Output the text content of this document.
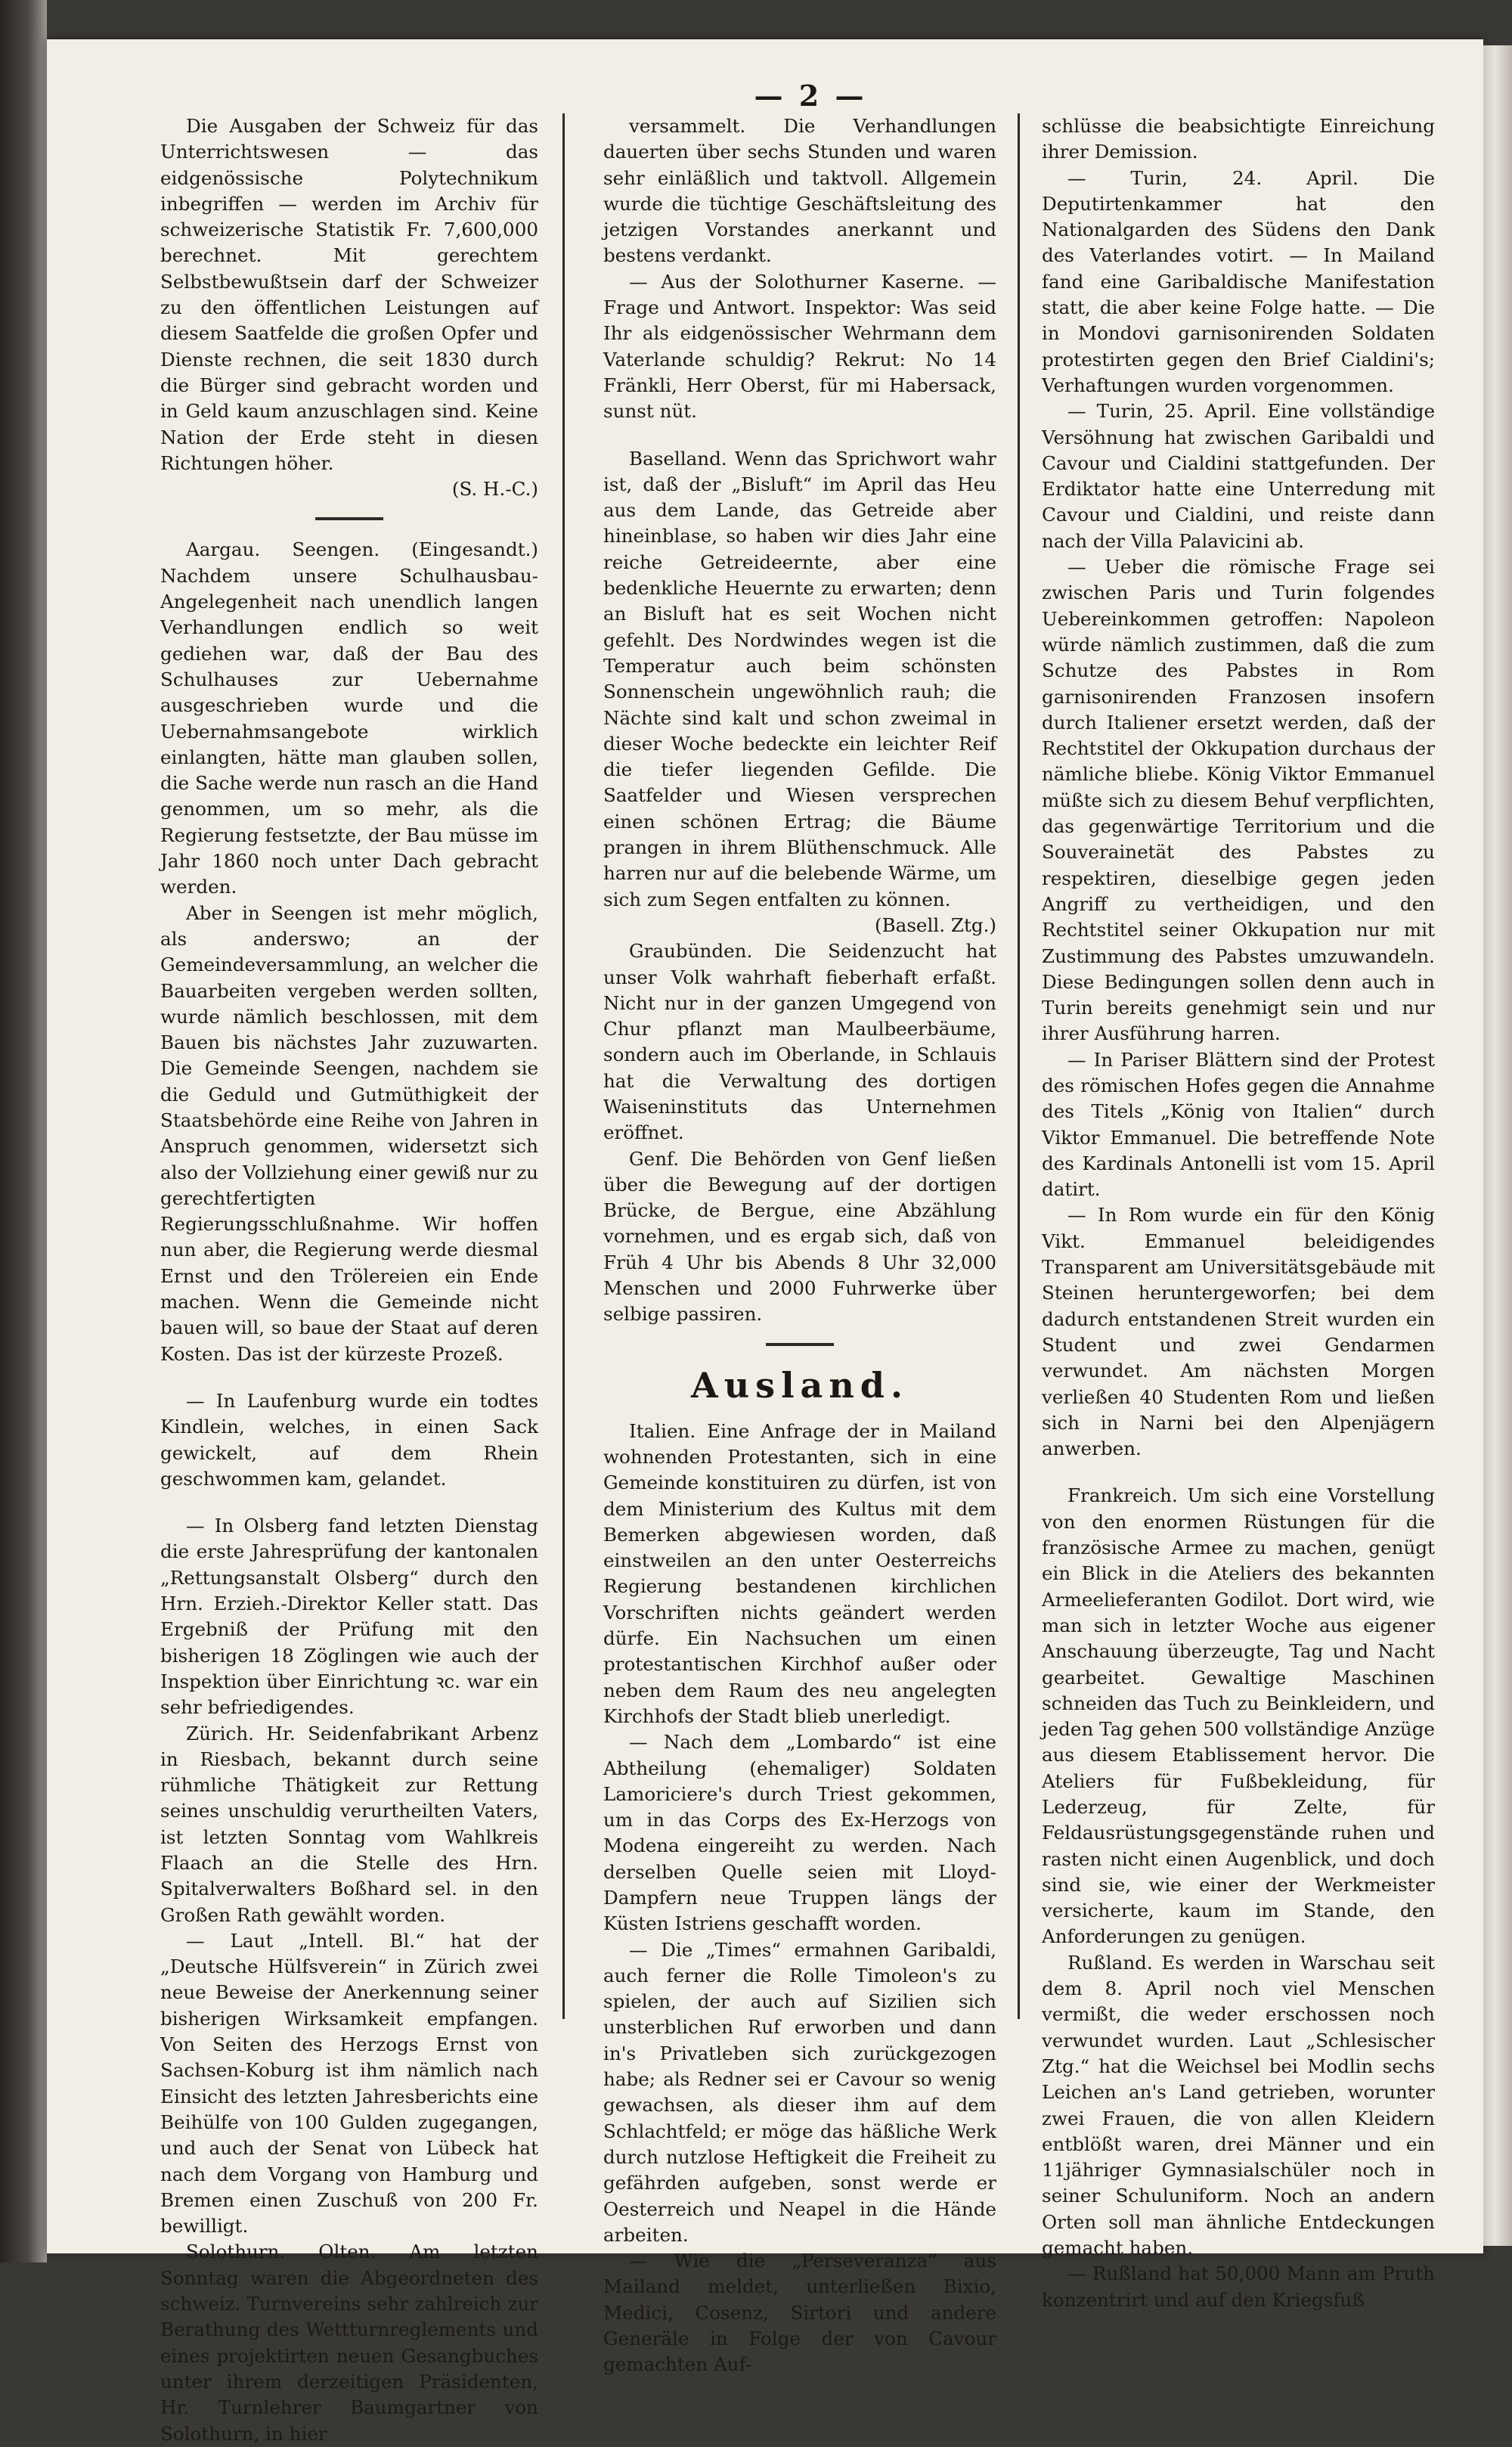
— 2 —

Die Ausgaben der Schweiz für das Unterrichtswesen — das eidgenössische Polytechnikum inbegriffen — werden im Archiv für schweizerische Statistik Fr. 7,600,000 berechnet. Mit gerechtem Selbstbewußtsein darf der Schweizer zu den öffentlichen Leistungen auf diesem Saatfelde die großen Opfer und Dienste rechnen, die seit 1830 durch die Bürger sind gebracht worden und in Geld kaum anzuschlagen sind. Keine Nation der Erde steht in diesen Richtungen höher.

(S. H.-C.)

Aargau. Seengen. (Eingesandt.) Nachdem unsere Schulhausbau-Angelegenheit nach unendlich langen Verhandlungen endlich so weit gediehen war, daß der Bau des Schulhauses zur Uebernahme ausgeschrieben wurde und die Uebernahmsangebote wirklich einlangten, hätte man glauben sollen, die Sache werde nun rasch an die Hand genommen, um so mehr, als die Regierung festsetzte, der Bau müsse im Jahr 1860 noch unter Dach gebracht werden.

Aber in Seengen ist mehr möglich, als anderswo; an der Gemeindeversammlung, an welcher die Bauarbeiten vergeben werden sollten, wurde nämlich beschlossen, mit dem Bauen bis nächstes Jahr zuzuwarten. Die Gemeinde Seengen, nachdem sie die Geduld und Gutmüthigkeit der Staatsbehörde eine Reihe von Jahren in Anspruch genommen, widersetzt sich also der Vollziehung einer gewiß nur zu gerechtfertigten Regierungsschlußnahme. Wir hoffen nun aber, die Regierung werde diesmal Ernst und den Trölereien ein Ende machen. Wenn die Gemeinde nicht bauen will, so baue der Staat auf deren Kosten. Das ist der kürzeste Prozeß.

— In Laufenburg wurde ein todtes Kindlein, welches, in einen Sack gewickelt, auf dem Rhein geschwommen kam, gelandet.

— In Olsberg fand letzten Dienstag die erste Jahresprüfung der kantonalen „Rettungsanstalt Olsberg“ durch den Hrn. Erzieh.-Direktor Keller statt. Das Ergebniß der Prüfung mit den bisherigen 18 Zöglingen wie auch der Inspektion über Einrichtung ꝛc. war ein sehr befriedigendes.

Zürich. Hr. Seidenfabrikant Arbenz in Riesbach, bekannt durch seine rühmliche Thätigkeit zur Rettung seines unschuldig verurtheilten Vaters, ist letzten Sonntag vom Wahlkreis Flaach an die Stelle des Hrn. Spitalverwalters Boßhard sel. in den Großen Rath gewählt worden.

— Laut „Intell. Bl.“ hat der „Deutsche Hülfsverein“ in Zürich zwei neue Beweise der Anerkennung seiner bisherigen Wirksamkeit empfangen. Von Seiten des Herzogs Ernst von Sachsen-Koburg ist ihm nämlich nach Einsicht des letzten Jahresberichts eine Beihülfe von 100 Gulden zugegangen, und auch der Senat von Lübeck hat nach dem Vorgang von Hamburg und Bremen einen Zuschuß von 200 Fr. bewilligt.

Solothurn. Olten. Am letzten Sonntag waren die Abgeordneten des schweiz. Turnvereins sehr zahlreich zur Berathung des Wettturnreglements und eines projektirten neuen Gesangbuches unter ihrem derzeitigen Präsidenten, Hr. Turnlehrer Baumgartner von Solothurn, in hier

versammelt. Die Verhandlungen dauerten über sechs Stunden und waren sehr einläßlich und taktvoll. Allgemein wurde die tüchtige Geschäftsleitung des jetzigen Vorstandes anerkannt und bestens verdankt.

— Aus der Solothurner Kaserne. — Frage und Antwort. Inspektor: Was seid Ihr als eidgenössischer Wehrmann dem Vaterlande schuldig? Rekrut: No 14 Fränkli, Herr Oberst, für mi Habersack, sunst nüt.

Baselland. Wenn das Sprichwort wahr ist, daß der „Bisluft“ im April das Heu aus dem Lande, das Getreide aber hineinblase, so haben wir dies Jahr eine reiche Getreideernte, aber eine bedenkliche Heuernte zu erwarten; denn an Bisluft hat es seit Wochen nicht gefehlt. Des Nordwindes wegen ist die Temperatur auch beim schönsten Sonnenschein ungewöhnlich rauh; die Nächte sind kalt und schon zweimal in dieser Woche bedeckte ein leichter Reif die tiefer liegenden Gefilde. Die Saatfelder und Wiesen versprechen einen schönen Ertrag; die Bäume prangen in ihrem Blüthenschmuck. Alle harren nur auf die belebende Wärme, um sich zum Segen entfalten zu können.

(Basell. Ztg.)

Graubünden. Die Seidenzucht hat unser Volk wahrhaft fieberhaft erfaßt. Nicht nur in der ganzen Umgegend von Chur pflanzt man Maulbeerbäume, sondern auch im Oberlande, in Schlauis hat die Verwaltung des dortigen Waiseninstituts das Unternehmen eröffnet.

Genf. Die Behörden von Genf ließen über die Bewegung auf der dortigen Brücke, de Bergue, eine Abzählung vornehmen, und es ergab sich, daß von Früh 4 Uhr bis Abends 8 Uhr 32,000 Menschen und 2000 Fuhrwerke über selbige passiren.

Ausland.

Italien. Eine Anfrage der in Mailand wohnenden Protestanten, sich in eine Gemeinde konstituiren zu dürfen, ist von dem Ministerium des Kultus mit dem Bemerken abgewiesen worden, daß einstweilen an den unter Oesterreichs Regierung bestandenen kirchlichen Vorschriften nichts geändert werden dürfe. Ein Nachsuchen um einen protestantischen Kirchhof außer oder neben dem Raum des neu angelegten Kirchhofs der Stadt blieb unerledigt.

— Nach dem „Lombardo“ ist eine Abtheilung (ehemaliger) Soldaten Lamoriciere's durch Triest gekommen, um in das Corps des Ex-Herzogs von Modena eingereiht zu werden. Nach derselben Quelle seien mit Lloyd-Dampfern neue Truppen längs der Küsten Istriens geschafft worden.

— Die „Times“ ermahnen Garibaldi, auch ferner die Rolle Timoleon's zu spielen, der auch auf Sizilien sich unsterblichen Ruf erworben und dann in's Privatleben sich zurückgezogen habe; als Redner sei er Cavour so wenig gewachsen, als dieser ihm auf dem Schlachtfeld; er möge das häßliche Werk durch nutzlose Heftigkeit die Freiheit zu gefährden aufgeben, sonst werde er Oesterreich und Neapel in die Hände arbeiten.

— Wie die „Perseveranza“ aus Mailand meldet, unterließen Bixio, Medici, Cosenz, Sirtori und andere Generäle in Folge der von Cavour gemachten Auf-

schlüsse die beabsichtigte Einreichung ihrer Demission.

— Turin, 24. April. Die Deputirtenkammer hat den Nationalgarden des Südens den Dank des Vaterlandes votirt. — In Mailand fand eine Garibaldische Manifestation statt, die aber keine Folge hatte. — Die in Mondovi garnisonirenden Soldaten protestirten gegen den Brief Cialdini's; Verhaftungen wurden vorgenommen.

— Turin, 25. April. Eine vollständige Versöhnung hat zwischen Garibaldi und Cavour und Cialdini stattgefunden. Der Erdiktator hatte eine Unterredung mit Cavour und Cialdini, und reiste dann nach der Villa Palavicini ab.

— Ueber die römische Frage sei zwischen Paris und Turin folgendes Uebereinkommen getroffen: Napoleon würde nämlich zustimmen, daß die zum Schutze des Pabstes in Rom garnisonirenden Franzosen insofern durch Italiener ersetzt werden, daß der Rechtstitel der Okkupation durchaus der nämliche bliebe. König Viktor Emmanuel müßte sich zu diesem Behuf verpflichten, das gegenwärtige Territorium und die Souverainetät des Pabstes zu respektiren, dieselbige gegen jeden Angriff zu vertheidigen, und den Rechtstitel seiner Okkupation nur mit Zustimmung des Pabstes umzuwandeln. Diese Bedingungen sollen denn auch in Turin bereits genehmigt sein und nur ihrer Ausführung harren.

— In Pariser Blättern sind der Protest des römischen Hofes gegen die Annahme des Titels „König von Italien“ durch Viktor Emmanuel. Die betreffende Note des Kardinals Antonelli ist vom 15. April datirt.

— In Rom wurde ein für den König Vikt. Emmanuel beleidigendes Transparent am Universitätsgebäude mit Steinen heruntergeworfen; bei dem dadurch entstandenen Streit wurden ein Student und zwei Gendarmen verwundet. Am nächsten Morgen verließen 40 Studenten Rom und ließen sich in Narni bei den Alpenjägern anwerben.

Frankreich. Um sich eine Vorstellung von den enormen Rüstungen für die französische Armee zu machen, genügt ein Blick in die Ateliers des bekannten Armeelieferanten Godilot. Dort wird, wie man sich in letzter Woche aus eigener Anschauung überzeugte, Tag und Nacht gearbeitet. Gewaltige Maschinen schneiden das Tuch zu Beinkleidern, und jeden Tag gehen 500 vollständige Anzüge aus diesem Etablissement hervor. Die Ateliers für Fußbekleidung, für Lederzeug, für Zelte, für Feldausrüstungsgegenstände ruhen und rasten nicht einen Augenblick, und doch sind sie, wie einer der Werkmeister versicherte, kaum im Stande, den Anforderungen zu genügen.

Rußland. Es werden in Warschau seit dem 8. April noch viel Menschen vermißt, die weder erschossen noch verwundet wurden. Laut „Schlesischer Ztg.“ hat die Weichsel bei Modlin sechs Leichen an's Land getrieben, worunter zwei Frauen, die von allen Kleidern entblößt waren, drei Männer und ein 11jähriger Gymnasialschüler noch in seiner Schuluniform. Noch an andern Orten soll man ähnliche Entdeckungen gemacht haben.

— Rußland hat 50,000 Mann am Pruth konzentrirt und auf den Kriegsfuß
